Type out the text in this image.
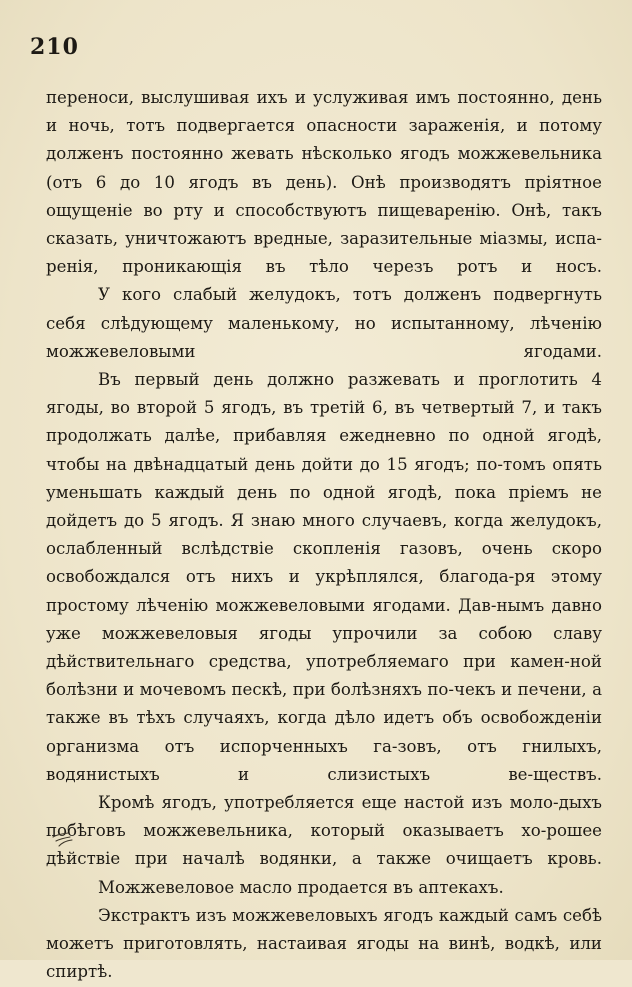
210

переноси, выслушивая ихъ и услуживая имъ постоянно, день и ночь, тотъ подвергается опасности зараженія, и потому долженъ постоянно жевать нѣсколько ягодъ можжевельника (отъ 6 до 10 ягодъ въ день). Онѣ производятъ пріятное ощущеніе во рту и способствуютъ пищеваренію. Онѣ, такъ сказать, уничтожаютъ вредные, заразительные міазмы, испа-ренія, проникающія въ тѣло черезъ ротъ и носъ.

У кого слабый желудокъ, тотъ долженъ подвергнуть себя слѣдующему маленькому, но испытанному, лѣченію можжевеловыми ягодами.

Въ первый день должно разжевать и проглотить 4 ягоды, во второй 5 ягодъ, въ третій 6, въ четвертый 7, и такъ продолжать далѣе, прибавляя ежедневно по одной ягодѣ, чтобы на двѣнадцатый день дойти до 15 ягодъ; по-томъ опять уменьшать каждый день по одной ягодѣ, пока пріемъ не дойдетъ до 5 ягодъ. Я знаю много случаевъ, когда желудокъ, ослабленный вслѣдствіе скопленія газовъ, очень скоро освобождался отъ нихъ и укрѣплялся, благода-ря этому простому лѣченію можжевеловыми ягодами. Дав-нымъ давно уже можжевеловыя ягоды упрочили за собою славу дѣйствительнаго средства, употребляемаго при камен-ной болѣзни и мочевомъ пескѣ, при болѣзняхъ по-чекъ и печени, а также въ тѣхъ случаяхъ, когда дѣло идетъ объ освобожденіи организма отъ испорченныхъ га-зовъ, отъ гнилыхъ, водянистыхъ и слизистыхъ ве-ществъ.

Кромѣ ягодъ, употребляется еще настой изъ моло-дыхъ побѣговъ можжевельника, который оказываетъ хо-рошее дѣйствіе при началѣ водянки, а также очищаетъ кровь.

Можжевеловое масло продается въ аптекахъ.

Экстрактъ изъ можжевеловыхъ ягодъ каждый самъ себѣ можетъ приготовлять, настаивая ягоды на винѣ, водкѣ, или спиртѣ.
